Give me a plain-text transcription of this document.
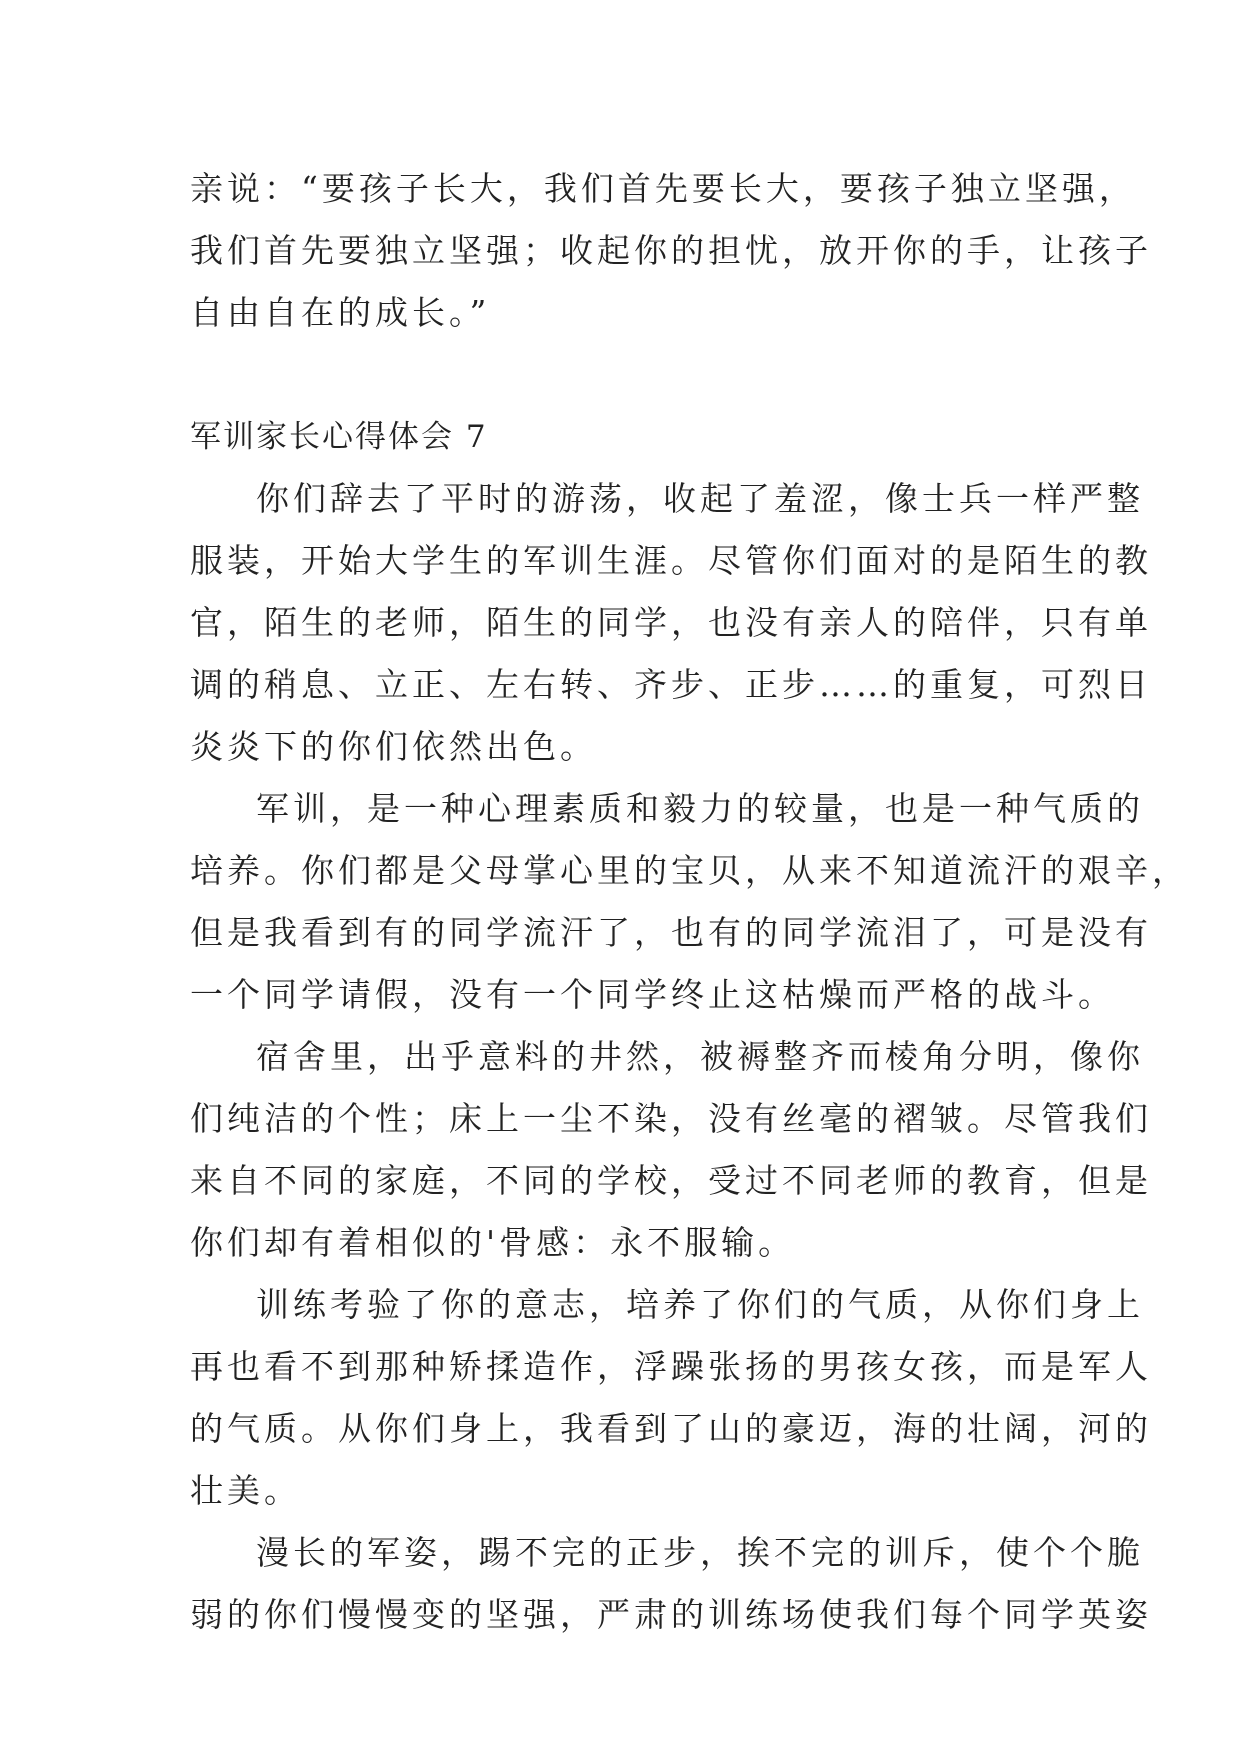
亲说：“要孩子长大，我们首先要长大，要孩子独立坚强，
我们首先要独立坚强；收起你的担忧，放开你的手，让孩子
自由自在的成长。”
军训家长心得体会 7
你们辞去了平时的游荡，收起了羞涩，像士兵一样严整
服装，开始大学生的军训生涯。尽管你们面对的是陌生的教
官，陌生的老师，陌生的同学，也没有亲人的陪伴，只有单
调的稍息、立正、左右转、齐步、正步……的重复，可烈日
炎炎下的你们依然出色。
军训，是一种心理素质和毅力的较量，也是一种气质的
培养。你们都是父母掌心里的宝贝，从来不知道流汗的艰辛，
但是我看到有的同学流汗了，也有的同学流泪了，可是没有
一个同学请假，没有一个同学终止这枯燥而严格的战斗。
宿舍里，出乎意料的井然，被褥整齐而棱角分明，像你
们纯洁的个性；床上一尘不染，没有丝毫的褶皱。尽管我们
来自不同的家庭，不同的学校，受过不同老师的教育，但是
你们却有着相似的'骨感：永不服输。
训练考验了你的意志，培养了你们的气质，从你们身上
再也看不到那种矫揉造作，浮躁张扬的男孩女孩，而是军人
的气质。从你们身上，我看到了山的豪迈，海的壮阔，河的
壮美。
漫长的军姿，踢不完的正步，挨不完的训斥，使个个脆
弱的你们慢慢变的坚强，严肃的训练场使我们每个同学英姿
